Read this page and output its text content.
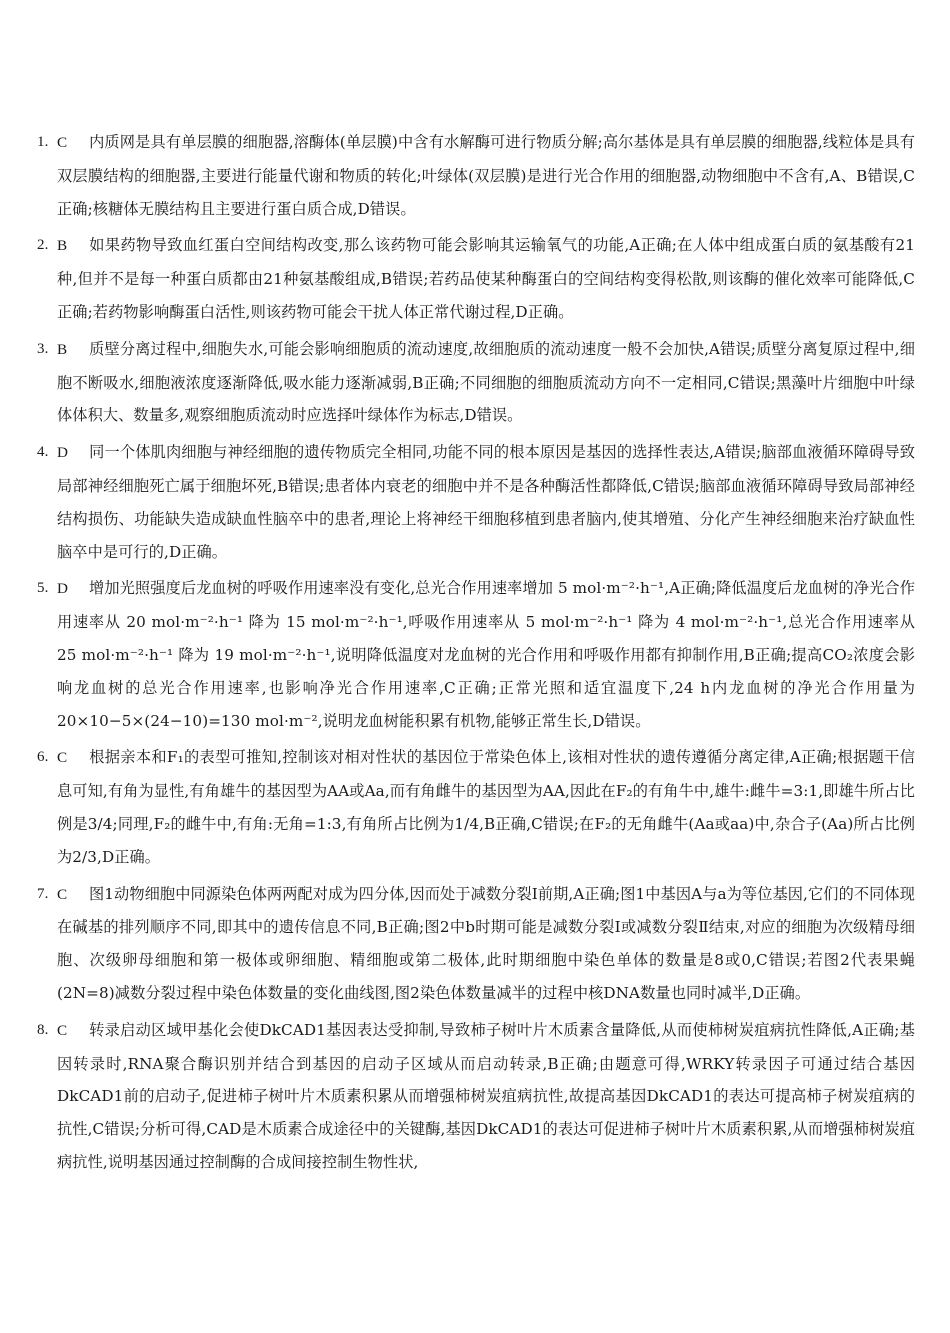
1. C 内质网是具有单层膜的细胞器,溶酶体(单层膜)中含有水解酶可进行物质分解;高尔基体是具有单层膜的细胞器,线粒体是具有双层膜结构的细胞器,主要进行能量代谢和物质的转化;叶绿体(双层膜)是进行光合作用的细胞器,动物细胞中不含有,A、B错误,C正确;核糖体无膜结构且主要进行蛋白质合成,D错误。
2. B 如果药物导致血红蛋白空间结构改变,那么该药物可能会影响其运输氧气的功能,A正确;在人体中组成蛋白质的氨基酸有21种,但并不是每一种蛋白质都由21种氨基酸组成,B错误;若药品使某种酶蛋白的空间结构变得松散,则该酶的催化效率可能降低,C正确;若药物影响酶蛋白活性,则该药物可能会干扰人体正常代谢过程,D正确。
3. B 质壁分离过程中,细胞失水,可能会影响细胞质的流动速度,故细胞质的流动速度一般不会加快,A错误;质壁分离复原过程中,细胞不断吸水,细胞液浓度逐渐降低,吸水能力逐渐减弱,B正确;不同细胞的细胞质流动方向不一定相同,C错误;黑藻叶片细胞中叶绿体体积大、数量多,观察细胞质流动时应选择叶绿体作为标志,D错误。
4. D 同一个体肌肉细胞与神经细胞的遗传物质完全相同,功能不同的根本原因是基因的选择性表达,A错误;脑部血液循环障碍导致局部神经细胞死亡属于细胞坏死,B错误;患者体内衰老的细胞中并不是各种酶活性都降低,C错误;脑部血液循环障碍导致局部神经结构损伤、功能缺失造成缺血性脑卒中的患者,理论上将神经干细胞移植到患者脑内,使其增殖、分化产生神经细胞来治疗缺血性脑卒中是可行的,D正确。
5. D 增加光照强度后龙血树的呼吸作用速率没有变化,总光合作用速率增加 5 mol·m⁻²·h⁻¹,A正确;降低温度后龙血树的净光合作用速率从 20 mol·m⁻²·h⁻¹ 降为 15 mol·m⁻²·h⁻¹,呼吸作用速率从 5 mol·m⁻²·h⁻¹ 降为 4 mol·m⁻²·h⁻¹,总光合作用速率从 25 mol·m⁻²·h⁻¹ 降为 19 mol·m⁻²·h⁻¹,说明降低温度对龙血树的光合作用和呼吸作用都有抑制作用,B正确;提高CO₂浓度会影响龙血树的总光合作用速率,也影响净光合作用速率,C正确;正常光照和适宜温度下,24 h内龙血树的净光合作用量为 20×10−5×(24−10)=130 mol·m⁻²,说明龙血树能积累有机物,能够正常生长,D错误。
6. C 根据亲本和F₁的表型可推知,控制该对相对性状的基因位于常染色体上,该相对性状的遗传遵循分离定律,A正确;根据题干信息可知,有角为显性,有角雄牛的基因型为AA或Aa,而有角雌牛的基因型为AA,因此在F₂的有角牛中,雄牛:雌牛=3:1,即雄牛所占比例是3/4;同理,F₂的雌牛中,有角:无角=1:3,有角所占比例为1/4,B正确,C错误;在F₂的无角雌牛(Aa或aa)中,杂合子(Aa)所占比例为2/3,D正确。
7. C 图1动物细胞中同源染色体两两配对成为四分体,因而处于减数分裂Ⅰ前期,A正确;图1中基因A与a为等位基因,它们的不同体现在碱基的排列顺序不同,即其中的遗传信息不同,B正确;图2中b时期可能是减数分裂Ⅰ或减数分裂Ⅱ结束,对应的细胞为次级精母细胞、次级卵母细胞和第一极体或卵细胞、精细胞或第二极体,此时期细胞中染色单体的数量是8或0,C错误;若图2代表果蝇(2N=8)减数分裂过程中染色体数量的变化曲线图,图2染色体数量减半的过程中核DNA数量也同时减半,D正确。
8. C 转录启动区域甲基化会使DkCAD1基因表达受抑制,导致柿子树叶片木质素含量降低,从而使柿树炭疽病抗性降低,A正确;基因转录时,RNA聚合酶识别并结合到基因的启动子区域从而启动转录,B正确;由题意可得,WRKY转录因子可通过结合基因DkCAD1前的启动子,促进柿子树叶片木质素积累从而增强柿树炭疽病抗性,故提高基因DkCAD1的表达可提高柿子树炭疽病的抗性,C错误;分析可得,CAD是木质素合成途径中的关键酶,基因DkCAD1的表达可促进柿子树叶片木质素积累,从而增强柿树炭疽病抗性,说明基因通过控制酶的合成间接控制生物性状,
